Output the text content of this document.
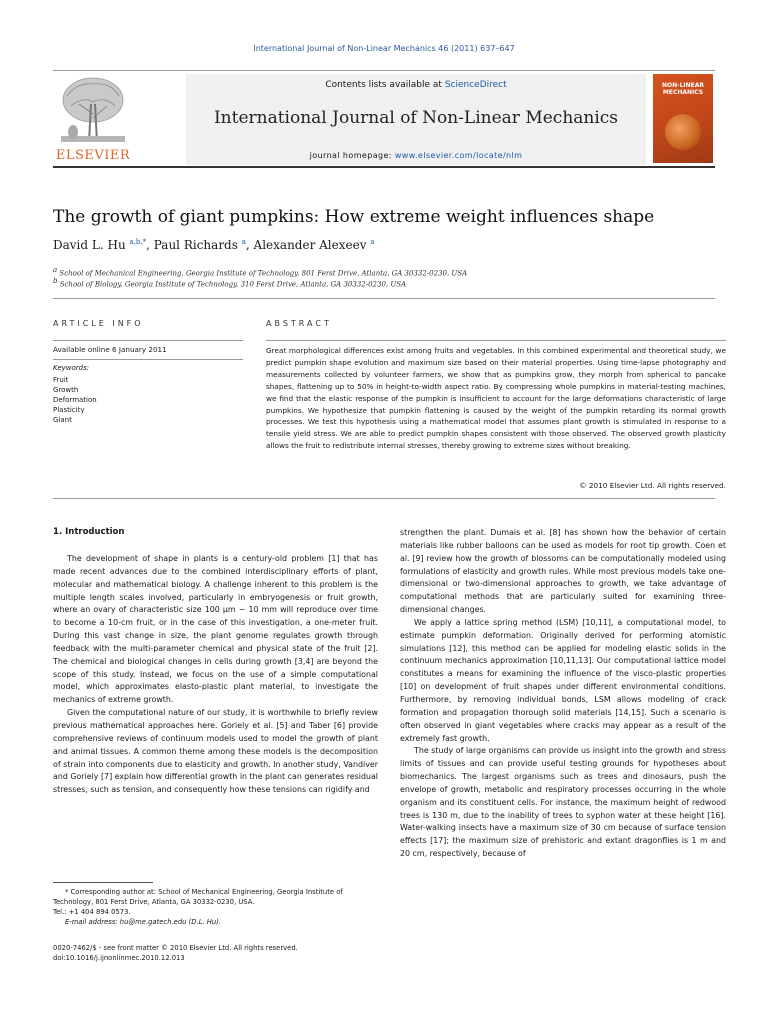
International Journal of Non-Linear Mechanics 46 (2011) 637–647
ELSEVIER
Contents lists available at ScienceDirect
International Journal of Non-Linear Mechanics
journal homepage: www.elsevier.com/locate/nlm
NON-LINEAR
MECHANICS
The growth of giant pumpkins: How extreme weight influences shape
David L. Hu $^{a,b,*}$, Paul Richards $^a$, Alexander Alexeev $^a$
$^a$ School of Mechanical Engineering, Georgia Institute of Technology, 801 Ferst Drive, Atlanta, GA 30332-0230, USA
$^b$ School of Biology, Georgia Institute of Technology, 310 Ferst Drive, Atlanta, GA 30332-0230, USA
ARTICLE INFO	ABSTRACT
Available online 6 January 2011
Keywords:
Fruit
Growth
Deformation
Plasticity
Giant

Great morphological differences exist among fruits and vegetables. In this combined experimental and theoretical study, we predict pumpkin shape evolution and maximum size based on their material properties. Using time-lapse photography and measurements collected by volunteer farmers, we show that as pumpkins grow, they morph from spherical to pancake shapes, flattening up to 50% in height-to-width aspect ratio. By compressing whole pumpkins in material-testing machines, we find that the elastic response of the pumpkin is insufficient to account for the large deformations characteristic of large pumpkins. We hypothesize that pumpkin flattening is caused by the weight of the pumpkin retarding its normal growth processes. We test this hypothesis using a mathematical model that assumes plant growth is stimulated in response to a tensile yield stress. We are able to predict pumpkin shapes consistent with those observed. The observed growth plasticity allows the fruit to redistribute internal stresses, thereby growing to extreme sizes without breaking.

© 2010 Elsevier Ltd. All rights reserved.
1. Introduction

The development of shape in plants is a century-old problem [1] that has made recent advances due to the combined interdisciplinary efforts of plant, molecular and mathematical biology. A challenge inherent to this problem is the multiple length scales involved, particularly in embryogenesis or fruit growth, where an ovary of characteristic size 100 μm − 10 mm will reproduce over time to become a 10-cm fruit, or in the case of this investigation, a one-meter fruit. During this vast change in size, the plant genome regulates growth through feedback with the multi-parameter chemical and physical state of the fruit [2]. The chemical and biological changes in cells during growth [3,4] are beyond the scope of this study. Instead, we focus on the use of a simple computational model, which approximates elasto-plastic plant material, to investigate the mechanics of extreme growth.

Given the computational nature of our study, it is worthwhile to briefly review previous mathematical approaches here. Goriely et al. [5] and Taber [6] provide comprehensive reviews of continuum models used to model the growth of plant and animal tissues. A common theme among these models is the decomposition of strain into components due to elasticity and growth. In another study, Vandiver and Goriely [7] explain how differential growth in the plant can generates residual stresses, such as tension, and consequently how these tensions can rigidify and

strengthen the plant. Dumais et al. [8] has shown how the behavior of certain materials like rubber balloons can be used as models for root tip growth. Coen et al. [9] review how the growth of blossoms can be computationally modeled using formulations of elasticity and growth rules. While most previous models take one-dimensional or two-dimensional approaches to growth, we take advantage of computational methods that are particularly suited for examining three-dimensional changes.

We apply a lattice spring method (LSM) [10,11], a computational model, to estimate pumpkin deformation. Originally derived for performing atomistic simulations [12], this method can be applied for modeling elastic solids in the continuum mechanics approximation [10,11,13]. Our computational lattice model constitutes a means for examining the influence of the visco-plastic properties [10] on development of fruit shapes under different environmental conditions. Furthermore, by removing individual bonds, LSM allows modeling of crack formation and propagation thorough solid materials [14,15]. Such a scenario is often observed in giant vegetables where cracks may appear as a result of the extremely fast growth.

The study of large organisms can provide us insight into the growth and stress limits of tissues and can provide useful testing grounds for hypotheses about biomechanics. The largest organisms such as trees and dinosaurs, push the envelope of growth, metabolic and respiratory processes occurring in the whole organism and its constituent cells. For instance, the maximum height of redwood trees is 130 m, due to the inability of trees to syphon water at these height [16]. Water-walking insects have a maximum size of 30 cm because of surface tension effects [17]; the maximum size of prehistoric and extant dragonflies is 1 m and 20 cm, respectively, because of

* Corresponding author at: School of Mechanical Engineering, Georgia Institute of Technology, 801 Ferst Drive, Atlanta, GA 30332-0230, USA.
Tel.: +1 404 894 0573.
E-mail address: hu@me.gatech.edu (D.L. Hu).
0020-7462/$ - see front matter © 2010 Elsevier Ltd. All rights reserved.
doi:10.1016/j.ijnonlinmec.2010.12.013
